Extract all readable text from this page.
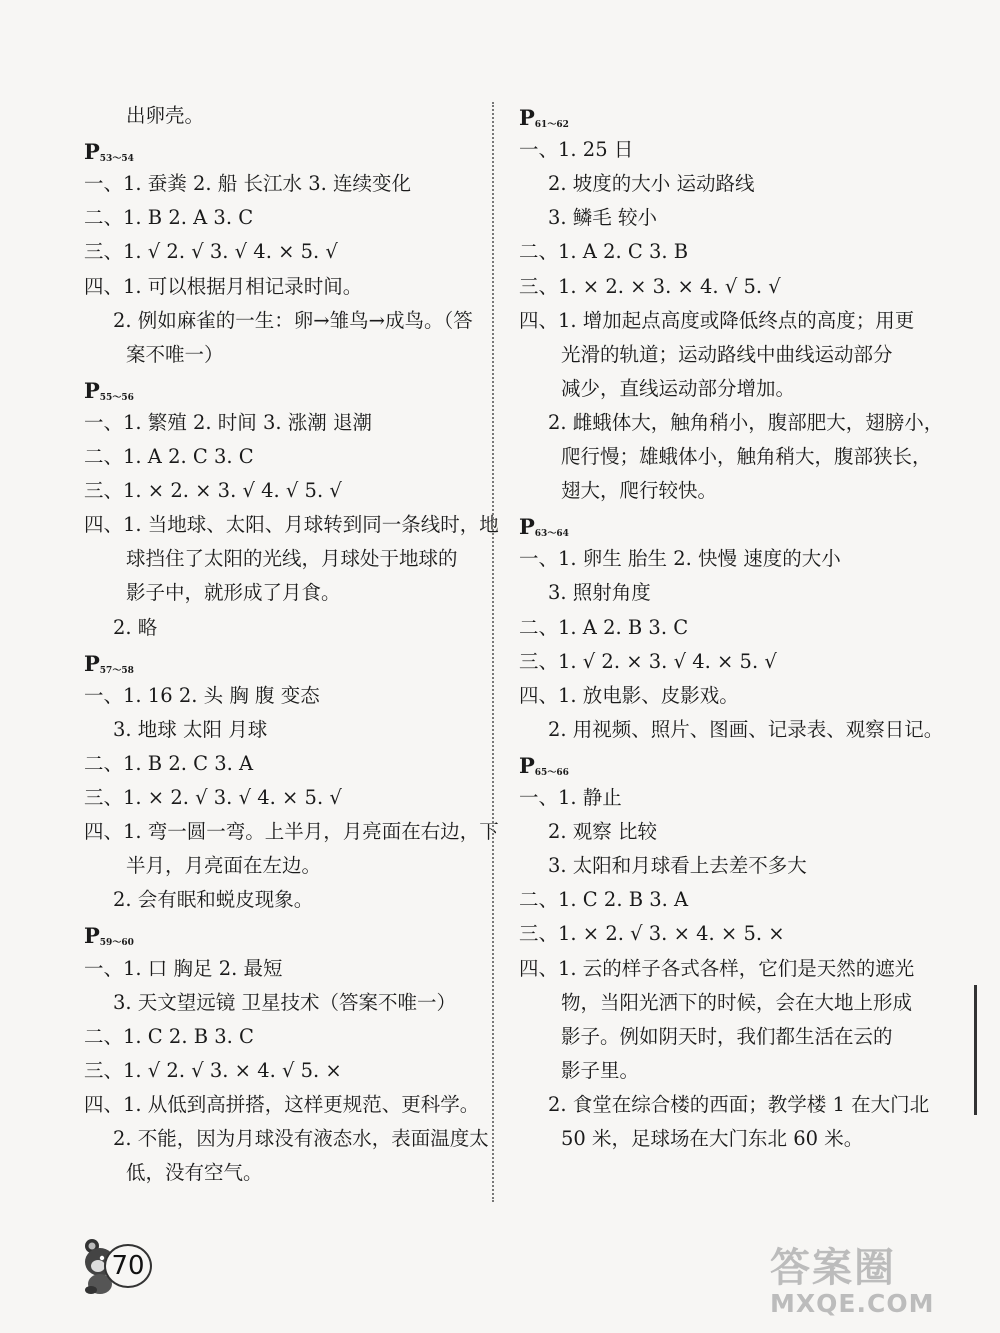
出卵壳。
$P_{53\sim 54}$
一、1. 蚕粪 2. 船 长江水 3. 连续变化
二、1. B 2. A 3. C
三、1. √ 2. √ 3. √ 4. × 5. √
四、1. 可以根据月相记录时间。
2. 例如麻雀的一生：卵→雏鸟→成鸟。（答
案不唯一）
$P_{55\sim 56}$
一、1. 繁殖 2. 时间 3. 涨潮 退潮
二、1. A 2. C 3. C
三、1. × 2. × 3. √ 4. √ 5. √
四、1. 当地球、太阳、月球转到同一条线时，地
球挡住了太阳的光线，月球处于地球的
影子中，就形成了月食。
2. 略
$P_{57\sim 58}$
一、1. 16 2. 头 胸 腹 变态
3. 地球 太阳 月球
二、1. B 2. C 3. A
三、1. × 2. √ 3. √ 4. × 5. √
四、1. 弯一圆一弯。上半月，月亮面在右边，下
半月，月亮面在左边。
2. 会有眠和蜕皮现象。
$P_{59\sim 60}$
一、1. 口 胸足 2. 最短
3. 天文望远镜 卫星技术（答案不唯一）
二、1. C 2. B 3. C
三、1. √ 2. √ 3. × 4. √ 5. ×
四、1. 从低到高拼搭，这样更规范、更科学。
2. 不能，因为月球没有液态水，表面温度太
低，没有空气。
$P_{61\sim 62}$
一、1. 25 日
2. 坡度的大小 运动路线
3. 鳞毛 较小
二、1. A 2. C 3. B
三、1. × 2. × 3. × 4. √ 5. √
四、1. 增加起点高度或降低终点的高度；用更
光滑的轨道；运动路线中曲线运动部分
减少，直线运动部分增加。
2. 雌蛾体大，触角稍小，腹部肥大，翅膀小，
爬行慢；雄蛾体小，触角稍大，腹部狭长，
翅大，爬行较快。
$P_{63\sim 64}$
一、1. 卵生 胎生 2. 快慢 速度的大小
3. 照射角度
二、1. A 2. B 3. C
三、1. √ 2. × 3. √ 4. × 5. √
四、1. 放电影、皮影戏。
2. 用视频、照片、图画、记录表、观察日记。
$P_{65\sim 66}$
一、1. 静止
2. 观察 比较
3. 太阳和月球看上去差不多大
二、1. C 2. B 3. A
三、1. × 2. √ 3. × 4. × 5. ×
四、1. 云的样子各式各样，它们是天然的遮光
物，当阳光洒下的时候，会在大地上形成
影子。例如阴天时，我们都生活在云的
影子里。
2. 食堂在综合楼的西面；教学楼 1 在大门北
50 米，足球场在大门东北 60 米。
70	答案圈
MXQE.COM
